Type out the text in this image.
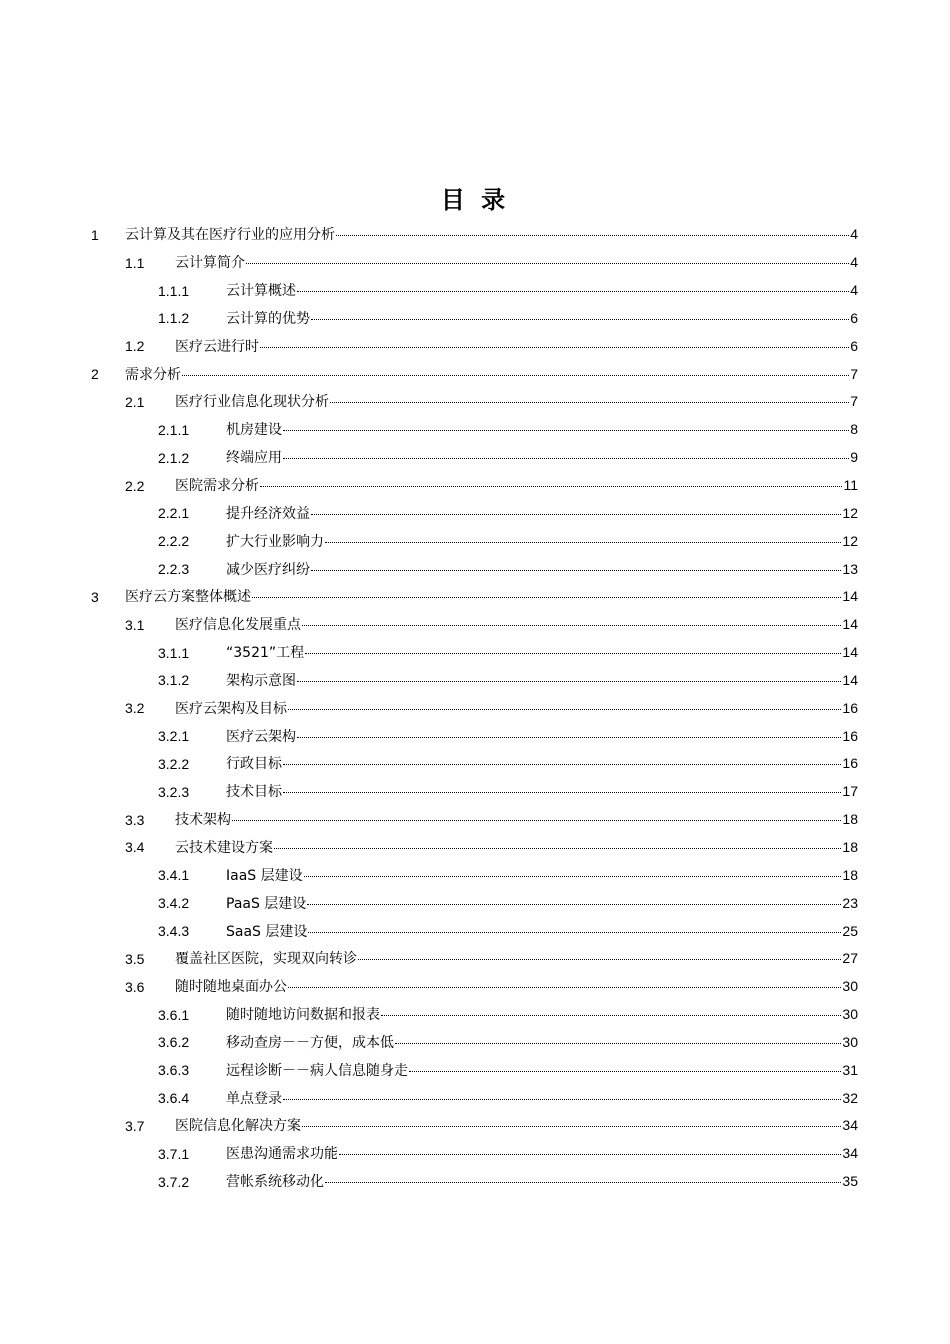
目 录
1 云计算及其在医疗行业的应用分析	4
1.1 云计算简介	4
1.1.1	云计算概述	4
1.1.2	云计算的优势	6
1.2 医疗云进行时	6
2 需求分析	7
2.1 医疗行业信息化现状分析	7
2.1.1	机房建设	8
2.1.2	终端应用	9
2.2 医院需求分析	11
2.2.1	提升经济效益	12
2.2.2	扩大行业影响力	12
2.2.3	减少医疗纠纷	13
3 医疗云方案整体概述	14
3.1 医疗信息化发展重点	14
3.1.1	“3521”工程	14
3.1.2	架构示意图	14
3.2 医疗云架构及目标	16
3.2.1	医疗云架构	16
3.2.2	行政目标	16
3.2.3	技术目标	17
3.3 技术架构	18
3.4 云技术建设方案	18
3.4.1	IaaS 层建设	18
3.4.2	PaaS 层建设	23
3.4.3	SaaS 层建设	25
3.5 覆盖社区医院，实现双向转诊	27
3.6 随时随地桌面办公	30
3.6.1	随时随地访问数据和报表	30
3.6.2	移动查房－－方便，成本低	30
3.6.3	远程诊断－－病人信息随身走	31
3.6.4	单点登录	32
3.7 医院信息化解决方案	34
3.7.1	医患沟通需求功能	34
3.7.2	营帐系统移动化	35
